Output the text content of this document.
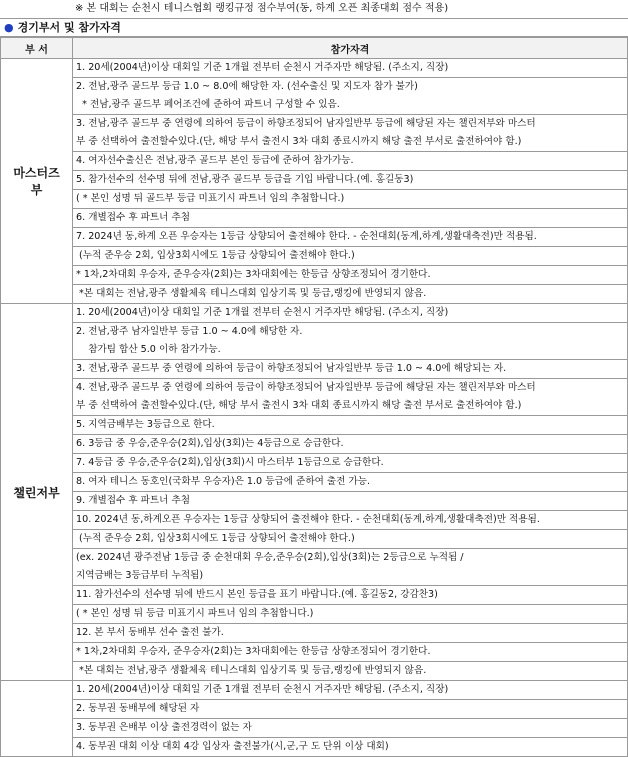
※ 본 대회는 순천시 테니스협회 랭킹규정 점수부여(동, 하계 오픈 최종대회 점수 적용)
● 경기부서 및 참가자격
부 서	참가자격

마스터즈
부	1. 20세(2004년)이상 대회일 기준 1개월 전부터 순천시 거주자만 해당됨. (주소지, 직장)

	2. 전남,광주 골드부 등급 1.0 ~ 8.0에 해당한 자. (선수출신 및 지도자 참가 불가)
* 전남,광주 골드부 페어조건에 준하여 파트너 구성할 수 있음.

	3. 전남,광주 골드부 중 연령에 의하여 등급이 하향조정되어 남자일반부 등급에 해당된 자는 챌린저부와 마스터
부 중 선택하여 출전할수있다.(단, 해당 부서 출전시 3차 대회 종료시까지 해당 출전 부서로 출전하여야 함.)

	4. 여자선수출신은 전남,광주 골드부 본인 등급에 준하여 참가가능.

	5. 참가선수의 선수명 뒤에 전남,광주 골드부 등급을 기입 바랍니다.(예. 홍길동3)

	( * 본인 성명 뒤 골드부 등급 미표기시 파트너 임의 추첨합니다.)

	6. 개별접수 후 파트너 추첨

	7. 2024년 동,하계 오픈 우승자는 1등급 상향되어 출전해야 한다. - 순천대회(동계,하계,생활대축전)만 적용됨.

	(누적 준우승 2회, 입상3회시에도 1등급 상향되어 출전해야 한다.)

	* 1차,2차대회 우승자, 준우승자(2회)는 3차대회에는 한등급 상향조정되어 경기한다.

	*본 대회는 전남,광주 생활체육 테니스대회 입상기록 및 등급,랭킹에 반영되지 않음.

챌린저부	1. 20세(2004년)이상 대회일 기준 1개월 전부터 순천시 거주자만 해당됨. (주소지, 직장)

	2. 전남,광주 남자일반부 등급 1.0 ~ 4.0에 해당한 자.
참가팀 합산 5.0 이하 참가가능.

	3. 전남,광주 골드부 중 연령에 의하여 등급이 하향조정되어 남자일반부 등급 1.0 ~ 4.0에 해당되는 자.

	4. 전남,광주 골드부 중 연령에 의하여 등급이 하향조정되어 남자일반부 등급에 해당된 자는 챌린저부와 마스터
부 중 선택하여 출전할수있다.(단, 해당 부서 출전시 3차 대회 종료시까지 해당 출전 부서로 출전하여야 함.)

	5. 지역금배부는 3등급으로 한다.

	6. 3등급 중 우승,준우승(2회),입상(3회)는 4등급으로 승급한다.

	7. 4등급 중 우승,준우승(2회),입상(3회)시 마스터부 1등급으로 승급한다.

	8. 여자 테니스 동호인(국화부 우승자)은 1.0 등급에 준하여 출전 가능.

	9. 개별접수 후 파트너 추첨

	10. 2024년 동,하계오픈 우승자는 1등급 상향되어 출전해야 한다. - 순천대회(동계,하계,생활대축전)만 적용됨.

	(누적 준우승 2회, 입상3회시에도 1등급 상향되어 출전해야 한다.)

	(ex. 2024년 광주전남 1등급 중 순천대회 우승,준우승(2회),입상(3회)는 2등급으로 누적됨 /
지역금배는 3등급부터 누적됨)

	11. 참가선수의 선수명 뒤에 반드시 본인 등급을 표기 바랍니다.(예. 홍길동2, 강감찬3)

	( * 본인 성명 뒤 등급 미표기시 파트너 임의 추첨합니다.)

	12. 본 부서 동배부 선수 출전 불가.

	* 1차,2차대회 우승자, 준우승자(2회)는 3차대회에는 한등급 상향조정되어 경기한다.

	*본 대회는 전남,광주 생활체육 테니스대회 입상기록 및 등급,랭킹에 반영되지 않음.

	1. 20세(2004년)이상 대회일 기준 1개월 전부터 순천시 거주자만 해당됨. (주소지, 직장)

	2. 동부권 동배부에 해당된 자

	3. 동부권 은배부 이상 출전경력이 없는 자

	4. 동부권 대회 이상 대회 4강 입상자 출전불가(시,군,구 도 단위 이상 대회)
